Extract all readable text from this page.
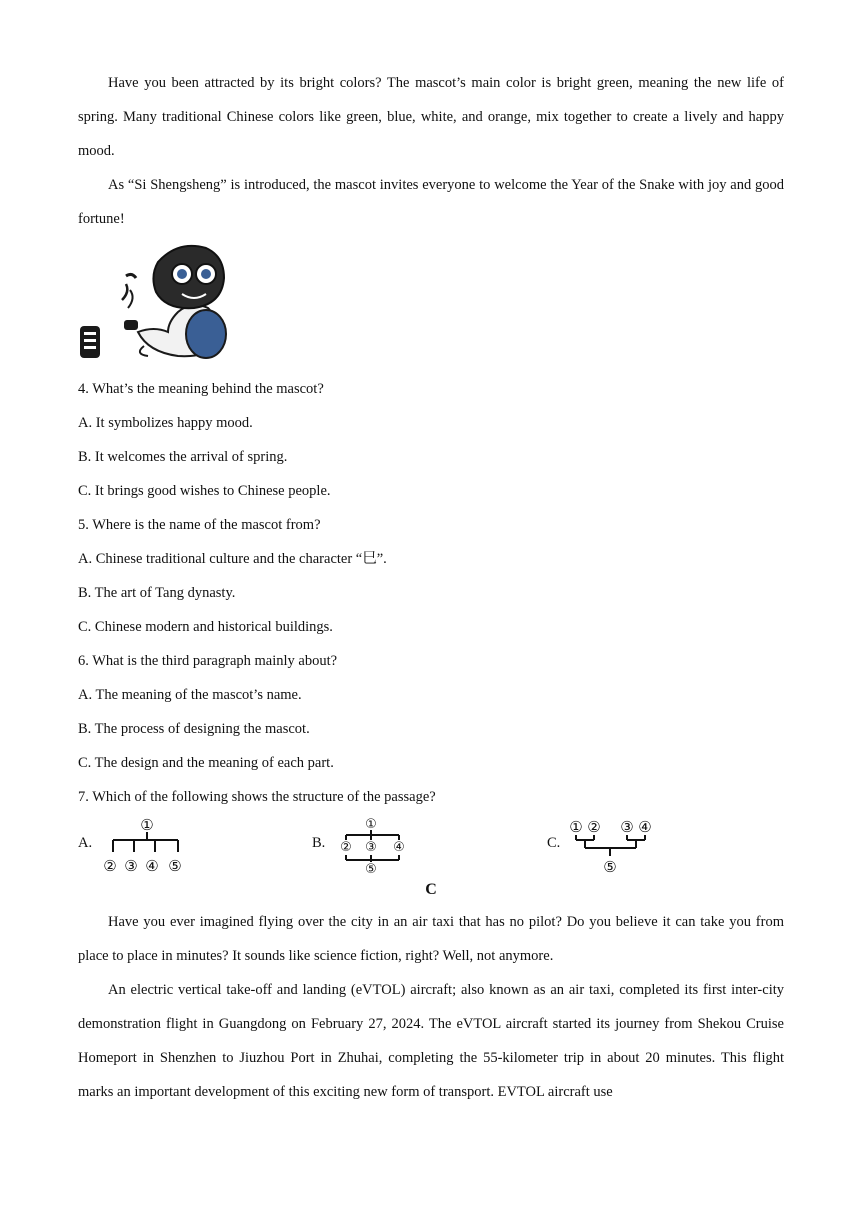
Have you been attracted by its bright colors? The mascot’s main color is bright green, meaning the new life of spring. Many traditional Chinese colors like green, blue, white, and orange, mix together to create a lively and happy mood.

As “Si Shengsheng” is introduced, the mascot invites everyone to welcome the Year of the Snake with joy and good fortune!

4. What’s the meaning behind the mascot?

A. It symbolizes happy mood.

B. It welcomes the arrival of spring.

C. It brings good wishes to Chinese people.

5. Where is the name of the mascot from?

A. Chinese traditional culture and the character “巳”.

B. The art of Tang dynasty.

C. Chinese modern and historical buildings.

6. What is the third paragraph mainly about?

A. The meaning of the mascot’s name.

B. The process of designing the mascot.

C. The design and the meaning of each part.

7. Which of the following shows the structure of the passage?

A.
①
② ③ ④ ⑤
B.
①
② ③ ④
⑤
C.
① ② ③ ④
⑤
C

Have you ever imagined flying over the city in an air taxi that has no pilot? Do you believe it can take you from place to place in minutes? It sounds like science fiction, right? Well, not anymore.

An electric vertical take-off and landing (eVTOL) aircraft; also known as an air taxi, completed its first inter-city demonstration flight in Guangdong on February 27, 2024. The eVTOL aircraft started its journey from Shekou Cruise Homeport in Shenzhen to Jiuzhou Port in Zhuhai, completing the 55-kilometer trip in about 20 minutes. This flight marks an important development of this exciting new form of transport. EVTOL aircraft use
